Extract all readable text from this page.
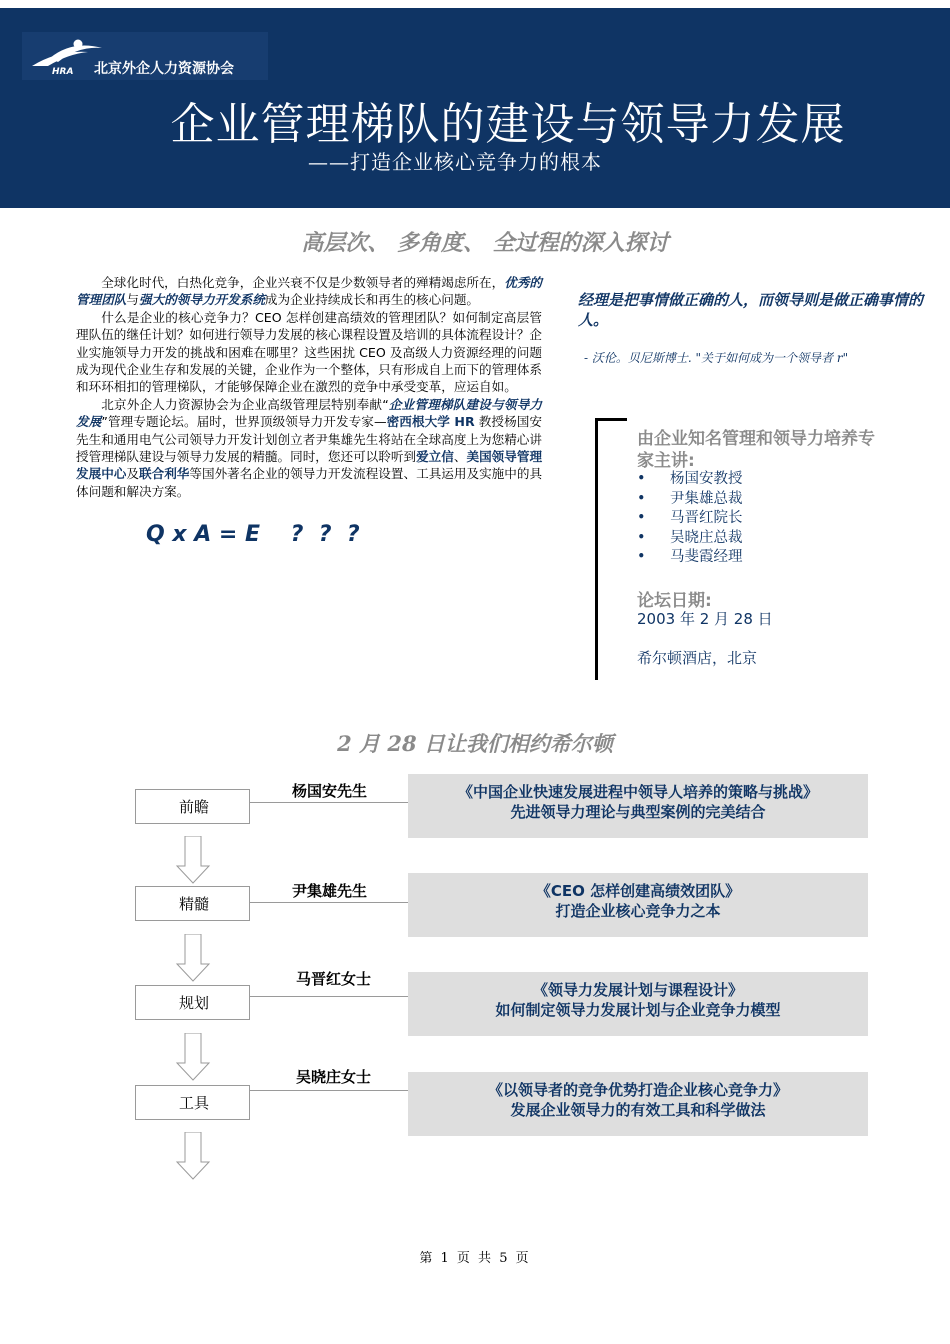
HRA 北京外企人力资源协会
企业管理梯队的建设与领导力发展
——打造企业核心竞争力的根本
高层次、 多角度、 全过程的深入探讨

全球化时代，白热化竞争，企业兴衰不仅是少数领导者的殚精竭虑所在，优秀的管理团队与强大的领导力开发系统成为企业持续成长和再生的核心问题。

什么是企业的核心竞争力？CEO 怎样创建高绩效的管理团队？如何制定高层管理队伍的继任计划？如何进行领导力发展的核心课程设置及培训的具体流程设计？企业实施领导力开发的挑战和困难在哪里？这些困扰 CEO 及高级人力资源经理的问题成为现代企业生存和发展的关键，企业作为一个整体，只有形成自上而下的管理体系和环环相扣的管理梯队，才能够保障企业在激烈的竞争中承受变革，应运自如。

北京外企人力资源协会为企业高级管理层特别奉献“企业管理梯队建设与领导力发展”管理专题论坛。届时，世界顶级领导力开发专家—密西根大学 HR 教授杨国安先生和通用电气公司领导力开发计划创立者尹集雄先生将站在全球高度上为您精心讲授管理梯队建设与领导力发展的精髓。同时，您还可以聆听到爱立信、美国领导管理发展中心及联合利华等国外著名企业的领导力开发流程设置、工具运用及实施中的具体问题和解决方案。

Q x A = E    ?  ?  ?
经理是把事情做正确的人，而领导则是做正确事情的人。
- 沃伦。贝尼斯博士. "关于如何成为一个领导者 r"
由企业知名管理和领导力培养专家主讲:
• 杨国安教授
• 尹集雄总裁
• 马晋红院长
• 吴晓庄总裁
• 马斐霞经理
论坛日期:
2003 年 2 月 28 日
希尔顿酒店，北京
2 月 28 日让我们相约希尔顿
前瞻
精髓
规划
工具
杨国安先生
尹集雄先生
马晋红女士
吴晓庄女士
《中国企业快速发展进程中领导人培养的策略与挑战》
先进领导力理论与典型案例的完美结合
《CEO 怎样创建高绩效团队》
打造企业核心竞争力之本
《领导力发展计划与课程设计》
如何制定领导力发展计划与企业竞争力模型
《以领导者的竞争优势打造企业核心竞争力》
发展企业领导力的有效工具和科学做法
第 1 页 共 5 页
